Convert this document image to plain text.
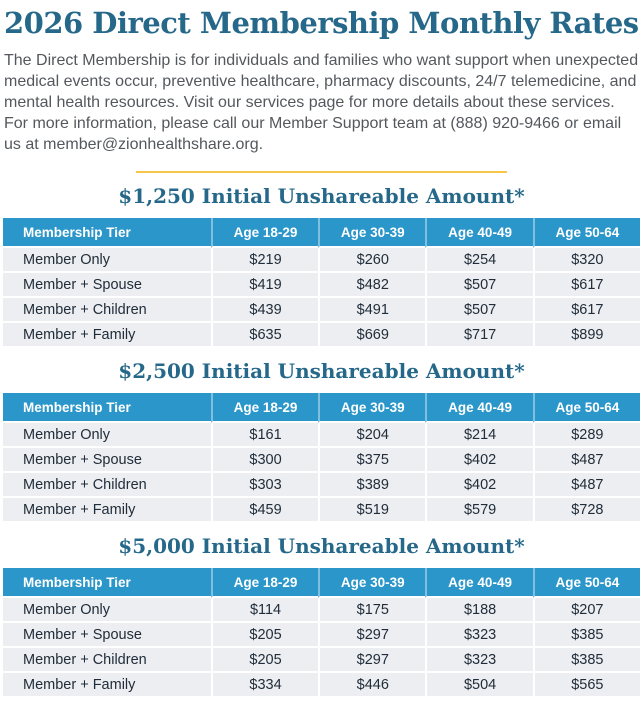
2026 Direct Membership Monthly Rates

The Direct Membership is for individuals and families who want support when unexpected medical events occur, preventive healthcare, pharmacy discounts, 24/7 telemedicine, and mental health resources. Visit our services page for more details about these services. For more information, please call our Member Support team at (888) 920-9466 or email us at member@zionhealthshare.org.

$1,250 Initial Unshareable Amount*
Membership Tier	Age 18-29	Age 30-39	Age 40-49	Age 50-64
Member Only	$219	$260	$254	$320
Member + Spouse	$419	$482	$507	$617
Member + Children	$439	$491	$507	$617
Member + Family	$635	$669	$717	$899
$2,500 Initial Unshareable Amount*
Membership Tier	Age 18-29	Age 30-39	Age 40-49	Age 50-64
Member Only	$161	$204	$214	$289
Member + Spouse	$300	$375	$402	$487
Member + Children	$303	$389	$402	$487
Member + Family	$459	$519	$579	$728
$5,000 Initial Unshareable Amount*
Membership Tier	Age 18-29	Age 30-39	Age 40-49	Age 50-64
Member Only	$114	$175	$188	$207
Member + Spouse	$205	$297	$323	$385
Member + Children	$205	$297	$323	$385
Member + Family	$334	$446	$504	$565
